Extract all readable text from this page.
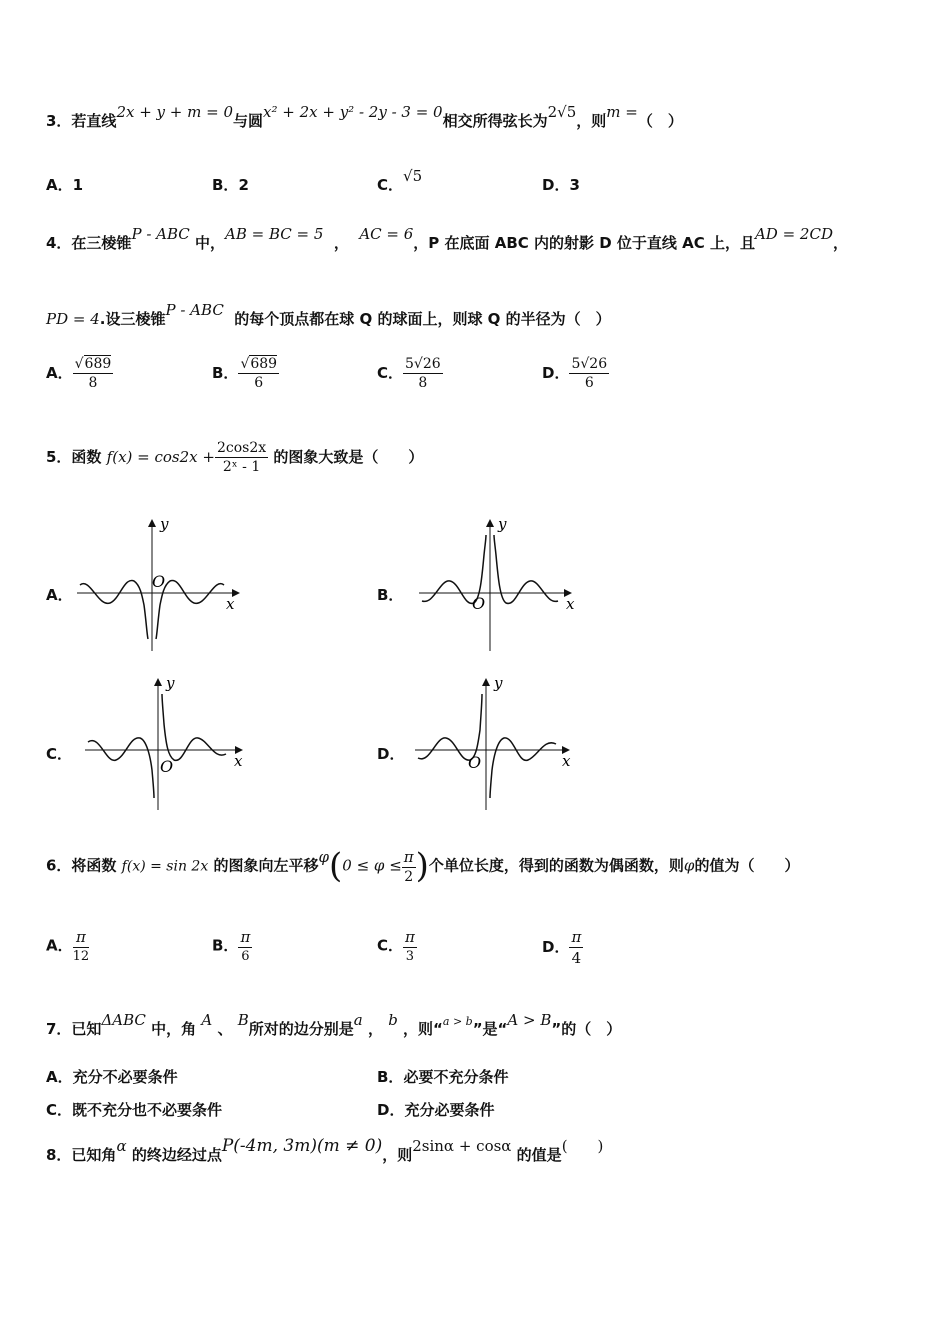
3．若直线2x + y + m = 0与圆x² + 2x + y² - 2y - 3 = 0相交所得弦长为2√5，则m =（　）
A．1	B．2	C．√5	D．3
4．在三棱锥P - ABC 中，AB = BC = 5 ， AC = 6，P 在底面 ABC 内的射影 D 位于直线 AC 上，且AD = 2CD，
PD = 4.设三棱锥P - ABC 的每个顶点都在球 Q 的球面上，则球 Q 的半径为（　）
A． $\frac{√689}{8}$	B． $\frac{√689}{6}$	C． $\frac{5√26}{8}$	D． $\frac{5√26}{6}$
5．函数 $f(x) = \cos 2x + \frac{2\cos 2x}{\text{2ˣ - 1}}$ 的图象大致是（　　）
A．
y
x
O
B．
y
x
O
C．
y
x
O
D．
y
x
O
6．将函数 f(x) = sin 2x 的图象向左平移$\varphi(0 \le \varphi \le \frac{\pi}{2}$ )个单位长度，得到的函数为偶函数，则φ的值为（　　）
A． $\frac{\pi}{12}$	B． $\frac{\pi}{6}$	C． $\frac{\pi}{3}$	D． $\frac{\pi}{4}$
7．已知ΔABC 中，角 A 、 B所对的边分别是a ， b ，则“$^{a > b}$”是“A > B”的（　）
A．充分不必要条件	B．必要不充分条件
C．既不充分也不必要条件	D．充分必要条件
8．已知角α 的终边经过点P(-4m, 3m)(m ≠ 0)，则2sinα + cosα 的值是(　　)
